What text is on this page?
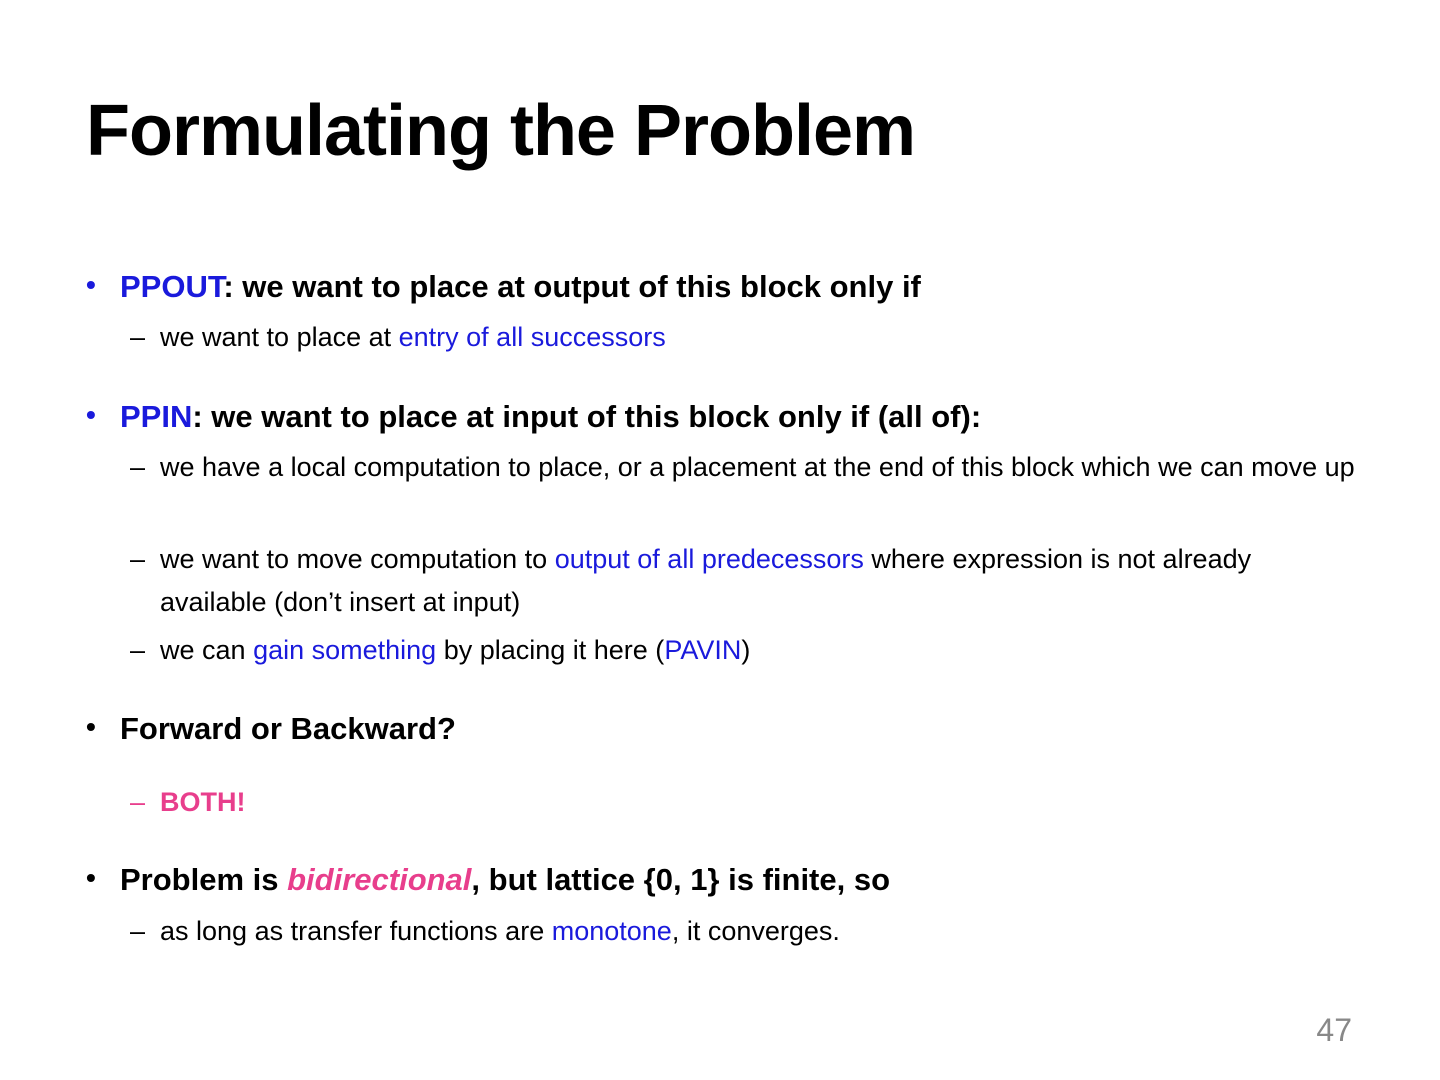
Formulating the Problem
• PPOUT: we want to place at output of this block only if
– we want to place at entry of all successors
• PPIN: we want to place at input of this block only if (all of):
– we have a local computation to place, or a placement at the end of this block which we can move up
– we want to move computation to output of all predecessors where expression is not already available (don’t insert at input)
– we can gain something by placing it here (PAVIN)
• Forward or Backward?
– BOTH!
• Problem is bidirectional, but lattice {0, 1} is finite, so
– as long as transfer functions are monotone, it converges.
47
